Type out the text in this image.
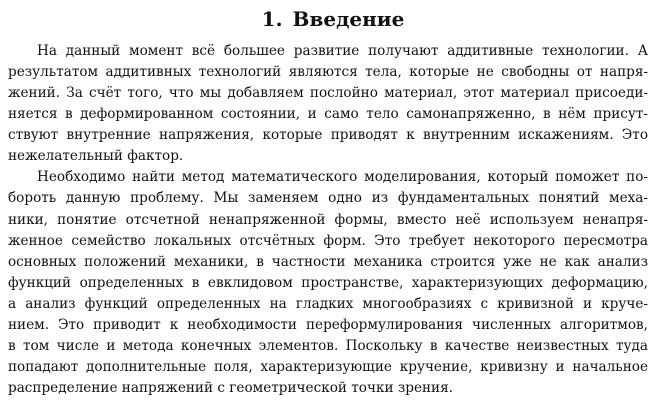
1. Введение
На данный момент всё большее развитие получают аддитивные технологии. А
результатом аддитивных технологий являются тела, которые не свободны от напря-
жений. За счёт того, что мы добавляем послойно материал, этот материал присоеди-
няется в деформированном состоянии, и само тело самонапряженно, в нём присут-
ствуют внутренние напряжения, которые приводят к внутренним искажениям. Это
нежелательный фактор.
Необходимо найти метод математического моделирования, который поможет по-
бороть данную проблему. Мы заменяем одно из фундаментальных понятий меха-
ники, понятие отсчетной ненапряженной формы, вместо неё используем ненапря-
женное семейство локальных отсчётных форм. Это требует некоторого пересмотра
основных положений механики, в частности механика строится уже не как анализ
функций определенных в евклидовом пространстве, характеризующих деформацию,
а анализ функций определенных на гладких многообразиях с кривизной и круче-
нием. Это приводит к необходимости переформулирования численных алгоритмов,
в том числе и метода конечных элементов. Поскольку в качестве неизвестных туда
попадают дополнительные поля, характеризующие кручение, кривизну и начальное
распределение напряжений с геометрической точки зрения.
